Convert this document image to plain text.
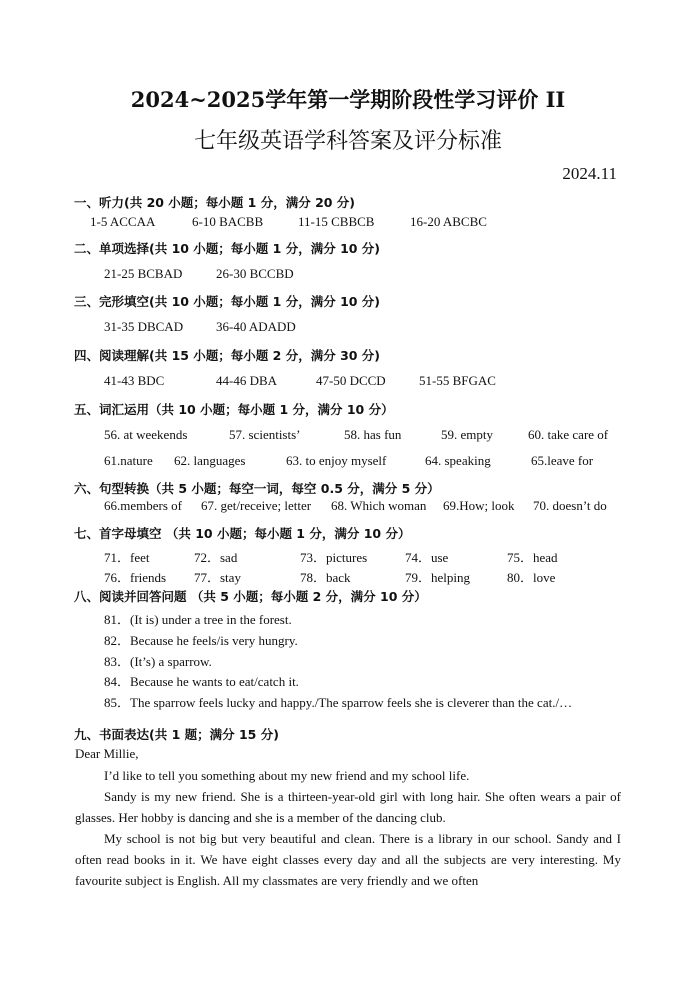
2024~2025学年第一学期阶段性学习评价 II
七年级英语学科答案及评分标准
2024.11
一、听力(共 20 小题；每小题 1 分，满分 20 分)
1-5 ACCAA	6-10 BACBB	11-15 CBBCB	16-20 ABCBC
二、单项选择(共 10 小题；每小题 1 分，满分 10 分)
21-25 BCBAD	26-30 BCCBD
三、完形填空(共 10 小题；每小题 1 分，满分 10 分)
31-35 DBCAD	36-40 ADADD
四、阅读理解(共 15 小题；每小题 2 分，满分 30 分)
41-43 BDC	44-46 DBA	47-50 DCCD	51-55 BFGAC
五、词汇运用（共 10 小题；每小题 1 分，满分 10 分）
56. at weekends	57. scientists’	58. has fun	59. empty	60. take care of
61.nature 62. languages	63. to enjoy myself	64. speaking	65.leave for
六、句型转换（共 5 小题；每空一词，每空 0.5 分，满分 5 分）
66.members of 67. get/receive; letter 68. Which woman 69.How; look 70. doesn’t do
七、首字母填空 （共 10 小题；每小题 1 分，满分 10 分）
71．feet	72．sad	73．pictures	74．use	75．head
76．friends 77．stay	78．back	79．helping	80．love
八、阅读并回答问题 （共 5 小题；每小题 2 分，满分 10 分）
81．(It is) under a tree in the forest.
82．Because he feels/is very hungry.
83．(It’s) a sparrow.
84．Because he wants to eat/catch it.
85．The sparrow feels lucky and happy./The sparrow feels she is cleverer than the cat./…
九、书面表达(共 1 题；满分 15 分)
Dear Millie,

I’d like to tell you something about my new friend and my school life.

Sandy is my new friend. She is a thirteen-year-old girl with long hair. She often wears a pair of glasses. Her hobby is dancing and she is a member of the dancing club.

My school is not big but very beautiful and clean. There is a library in our school. Sandy and I often read books in it. We have eight classes every day and all the subjects are very interesting. My favourite subject is English. All my classmates are very friendly and we often
